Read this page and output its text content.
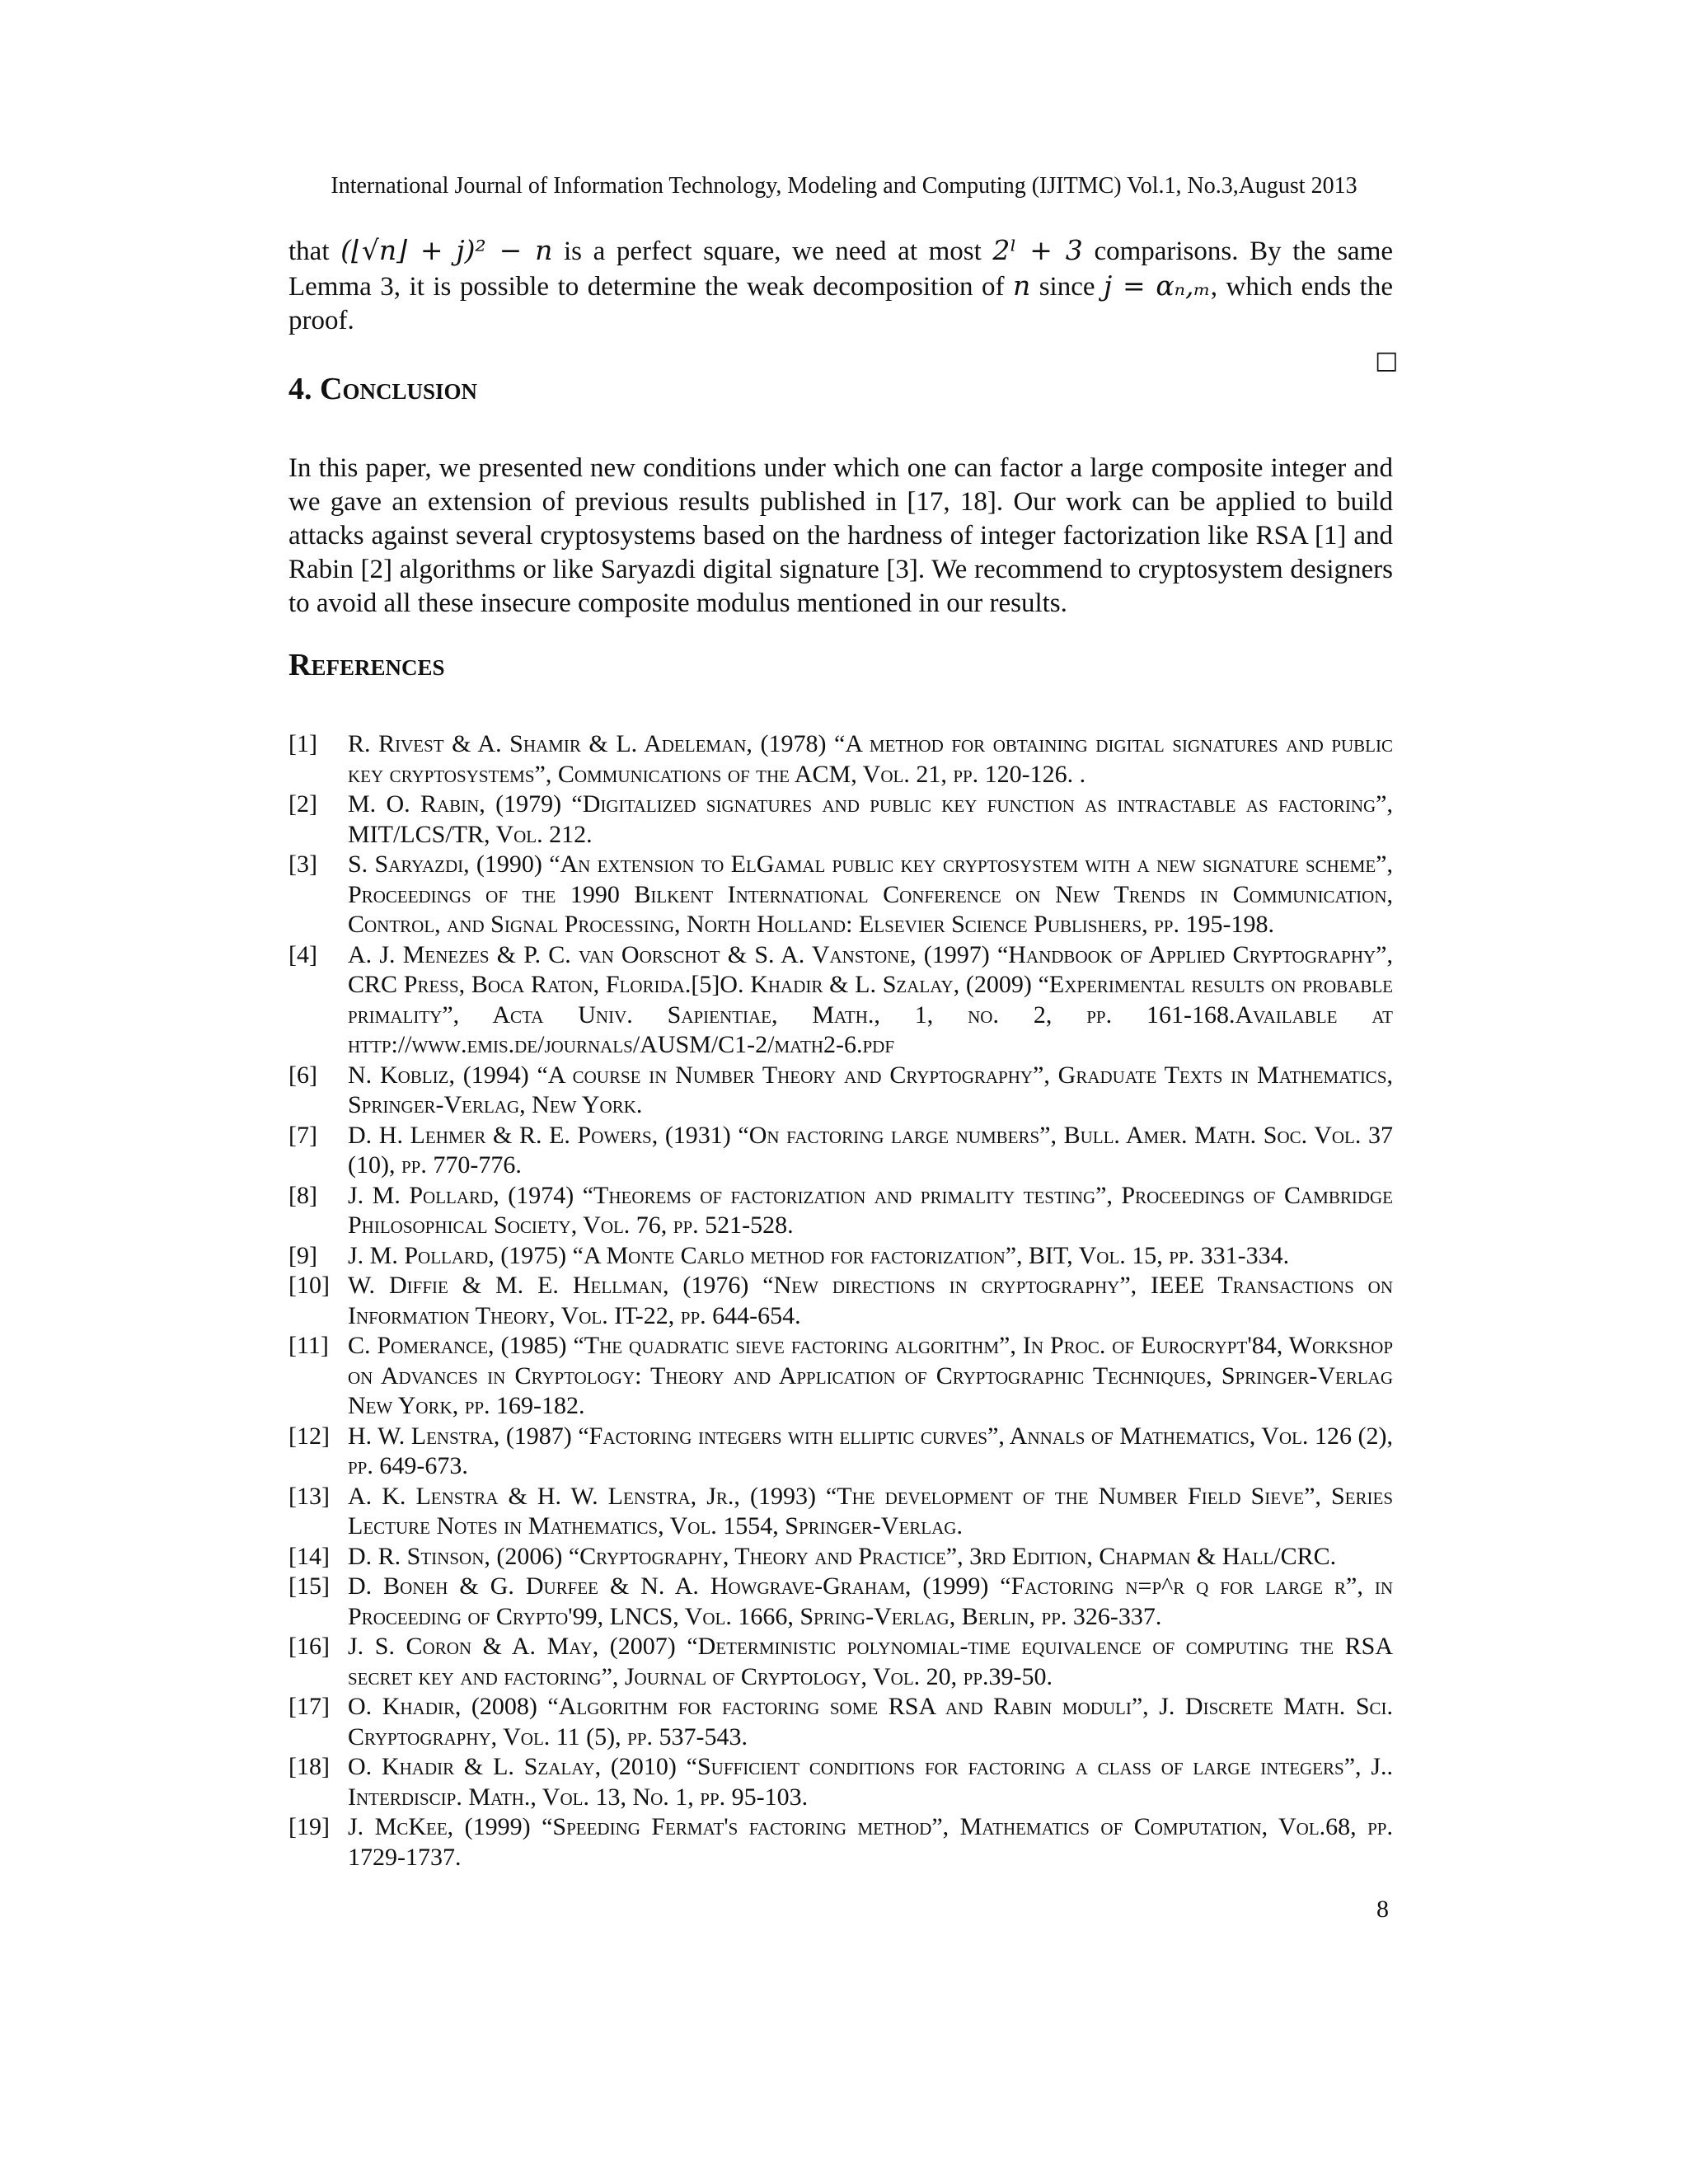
International Journal of Information Technology, Modeling and Computing (IJITMC) Vol.1, No.3,August 2013
that (⌊√n⌋ + j)² − n is a perfect square, we need at most 2ˡ + 3 comparisons. By the same Lemma 3, it is possible to determine the weak decomposition of n since j = αₙ,ₘ, which ends the proof.
□
4. Conclusion
In this paper, we presented new conditions under which one can factor a large composite integer and we gave an extension of previous results published in [17, 18]. Our work can be applied to build attacks against several cryptosystems based on the hardness of integer factorization like RSA [1] and Rabin [2] algorithms or like Saryazdi digital signature [3]. We recommend to cryptosystem designers to avoid all these insecure composite modulus mentioned in our results.
References
[1]	R. Rivest & A. Shamir & L. Adeleman, (1978) “A method for obtaining digital signatures and public key cryptosystems”, Communications of the ACM, Vol. 21, pp. 120-126. .
[2]	M. O. Rabin, (1979) “Digitalized signatures and public key function as intractable as factoring”, MIT/LCS/TR, Vol. 212.
[3]	S. Saryazdi, (1990) “An extension to ElGamal public key cryptosystem with a new signature scheme”, Proceedings of the 1990 Bilkent International Conference on New Trends in Communication, Control, and Signal Processing, North Holland: Elsevier Science Publishers, pp. 195-198.
[4]	A. J. Menezes & P. C. van Oorschot & S. A. Vanstone, (1997) “Handbook of Applied Cryptography”, CRC Press, Boca Raton, Florida.[5]O. Khadir & L. Szalay, (2009) “Experimental results on probable primality”, Acta Univ. Sapientiae, Math., 1, no. 2, pp. 161-168.Available at http://www.emis.de/journals/AUSM/C1-2/math2-6.pdf
[6]	N. Kobliz, (1994) “A course in Number Theory and Cryptography”, Graduate Texts in Mathematics, Springer-Verlag, New York.
[7]	D. H. Lehmer & R. E. Powers, (1931) “On factoring large numbers”, Bull. Amer. Math. Soc. Vol. 37 (10), pp. 770-776.
[8]	J. M. Pollard, (1974) “Theorems of factorization and primality testing”, Proceedings of Cambridge Philosophical Society, Vol. 76, pp. 521-528.
[9]	J. M. Pollard, (1975) “A Monte Carlo method for factorization”, BIT, Vol. 15, pp. 331-334.
[10] W. Diffie & M. E. Hellman, (1976) “New directions in cryptography”, IEEE Transactions on Information Theory, Vol. IT-22, pp. 644-654.
[11] C. Pomerance, (1985) “The quadratic sieve factoring algorithm”, In Proc. of Eurocrypt'84, Workshop on Advances in Cryptology: Theory and Application of Cryptographic Techniques, Springer-Verlag New York, pp. 169-182.
[12] H. W. Lenstra, (1987) “Factoring integers with elliptic curves”, Annals of Mathematics, Vol. 126 (2), pp. 649-673.
[13] A. K. Lenstra & H. W. Lenstra, Jr., (1993) “The development of the Number Field Sieve”, Series Lecture Notes in Mathematics, Vol. 1554, Springer-Verlag.
[14] D. R. Stinson, (2006) “Cryptography, Theory and Practice”, 3rd Edition, Chapman & Hall/CRC.
[15] D. Boneh & G. Durfee & N. A. Howgrave-Graham, (1999) “Factoring n=p^r q for large r”, in Proceeding of Crypto'99, LNCS, Vol. 1666, Spring-Verlag, Berlin, pp. 326-337.
[16] J. S. Coron & A. May, (2007) “Deterministic polynomial-time equivalence of computing the RSA secret key and factoring”, Journal of Cryptology, Vol. 20, pp.39-50.
[17] O. Khadir, (2008) “Algorithm for factoring some RSA and Rabin moduli”, J. Discrete Math. Sci. Cryptography, Vol. 11 (5), pp. 537-543.
[18] O. Khadir & L. Szalay, (2010) “Sufficient conditions for factoring a class of large integers”, J.. Interdiscip. Math., Vol. 13, No. 1, pp. 95-103.
[19] J. McKee, (1999) “Speeding Fermat's factoring method”, Mathematics of Computation, Vol.68, pp. 1729-1737.
8
